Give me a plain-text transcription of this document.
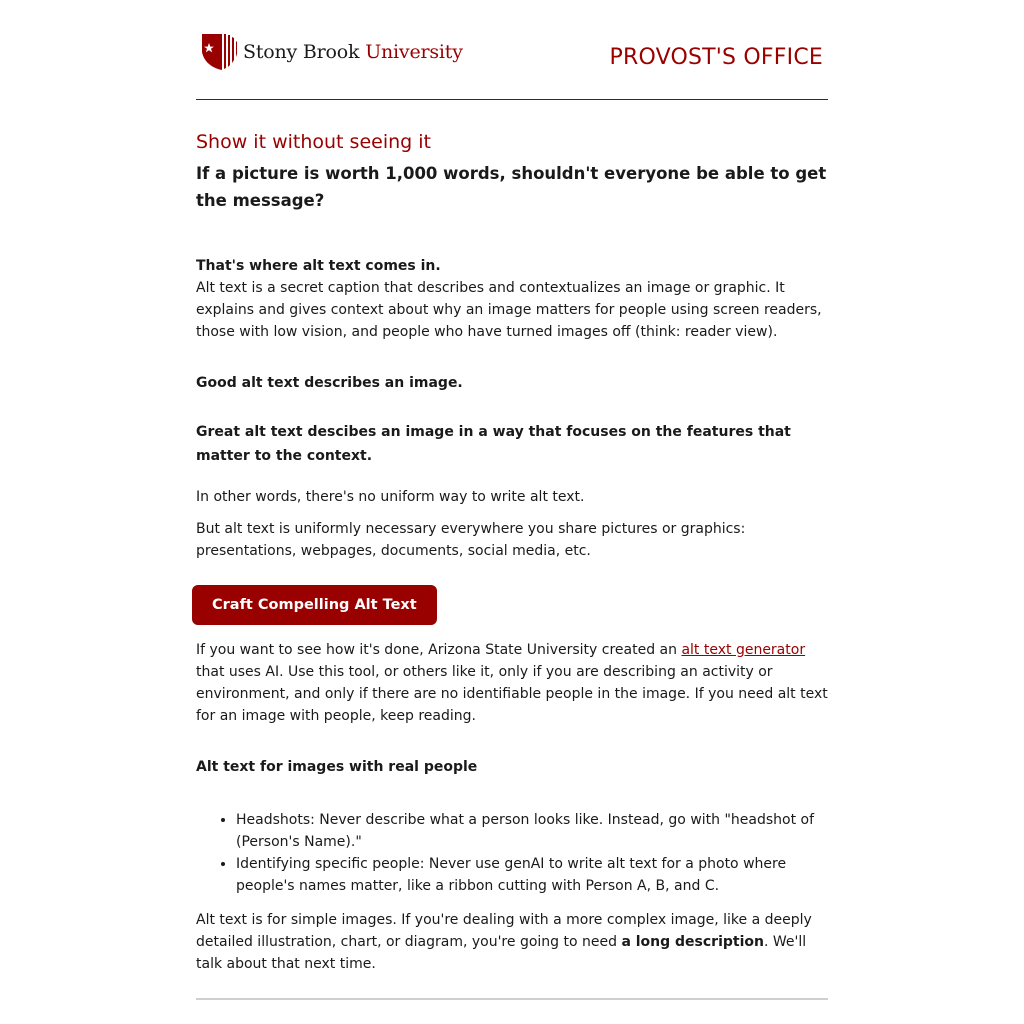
Stony Brook University	PROVOST'S OFFICE
Show it without seeing it
If a picture is worth 1,000 words, shouldn't everyone be able to get the message?

That's where alt text comes in.

Alt text is a secret caption that describes and contextualizes an image or graphic. It explains and gives context about why an image matters for people using screen readers, those with low vision, and people who have turned images off (think: reader view).

Good alt text describes an image.

Great alt text descibes an image in a way that focuses on the features that matter to the context.

In other words, there's no uniform way to write alt text.

But alt text is uniformly necessary everywhere you share pictures or graphics: presentations, webpages, documents, social media, etc.

Craft Compelling Alt Text

If you want to see how it's done, Arizona State University created an alt text generator that uses AI. Use this tool, or others like it, only if you are describing an activity or environment, and only if there are no identifiable people in the image. If you need alt text for an image with people, keep reading.

Alt text for images with real people

• Headshots: Never describe what a person looks like. Instead, go with "headshot of (Person's Name)."
• Identifying specific people: Never use genAI to write alt text for a photo where people's names matter, like a ribbon cutting with Person A, B, and C.

Alt text is for simple images. If you're dealing with a more complex image, like a deeply detailed illustration, chart, or diagram, you're going to need a long description. We'll talk about that next time.
